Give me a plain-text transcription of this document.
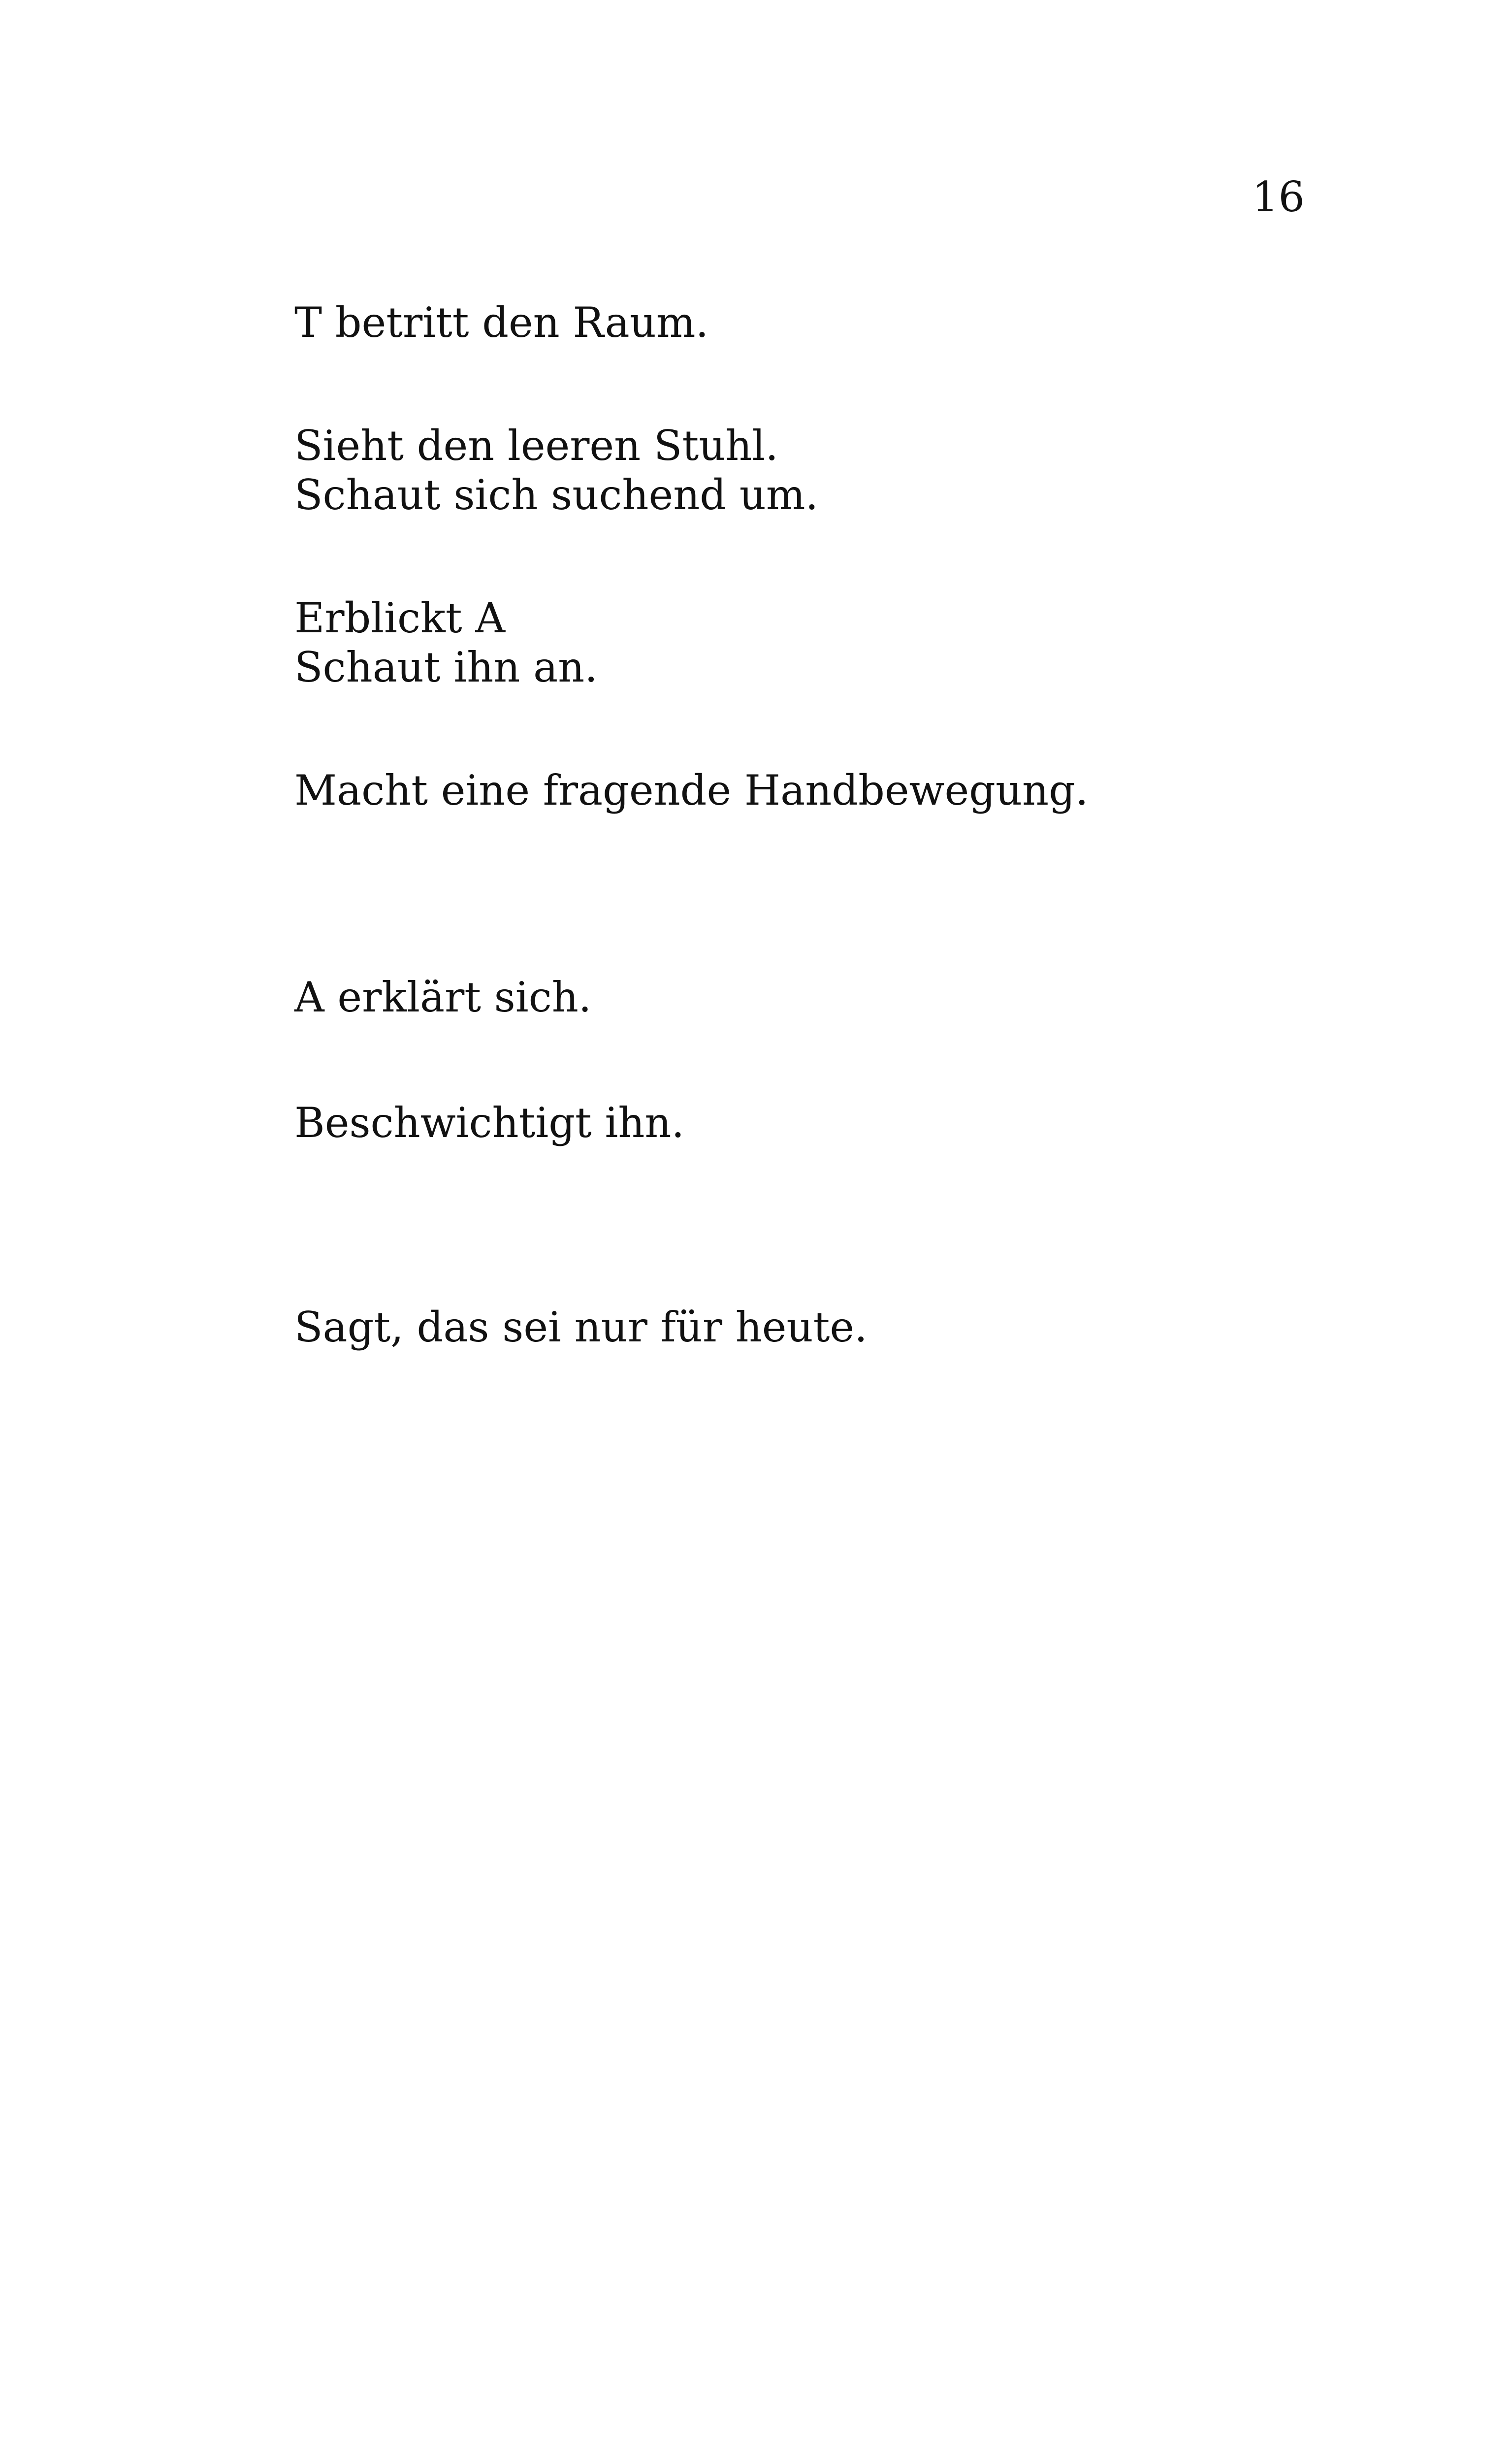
16
T betritt den Raum.
Sieht den leeren Stuhl.
Schaut sich suchend um.
Erblickt A
Schaut ihn an.
Macht eine fragende Handbewegung.
A erklärt sich.
Beschwichtigt ihn.
Sagt, das sei nur für heute.
